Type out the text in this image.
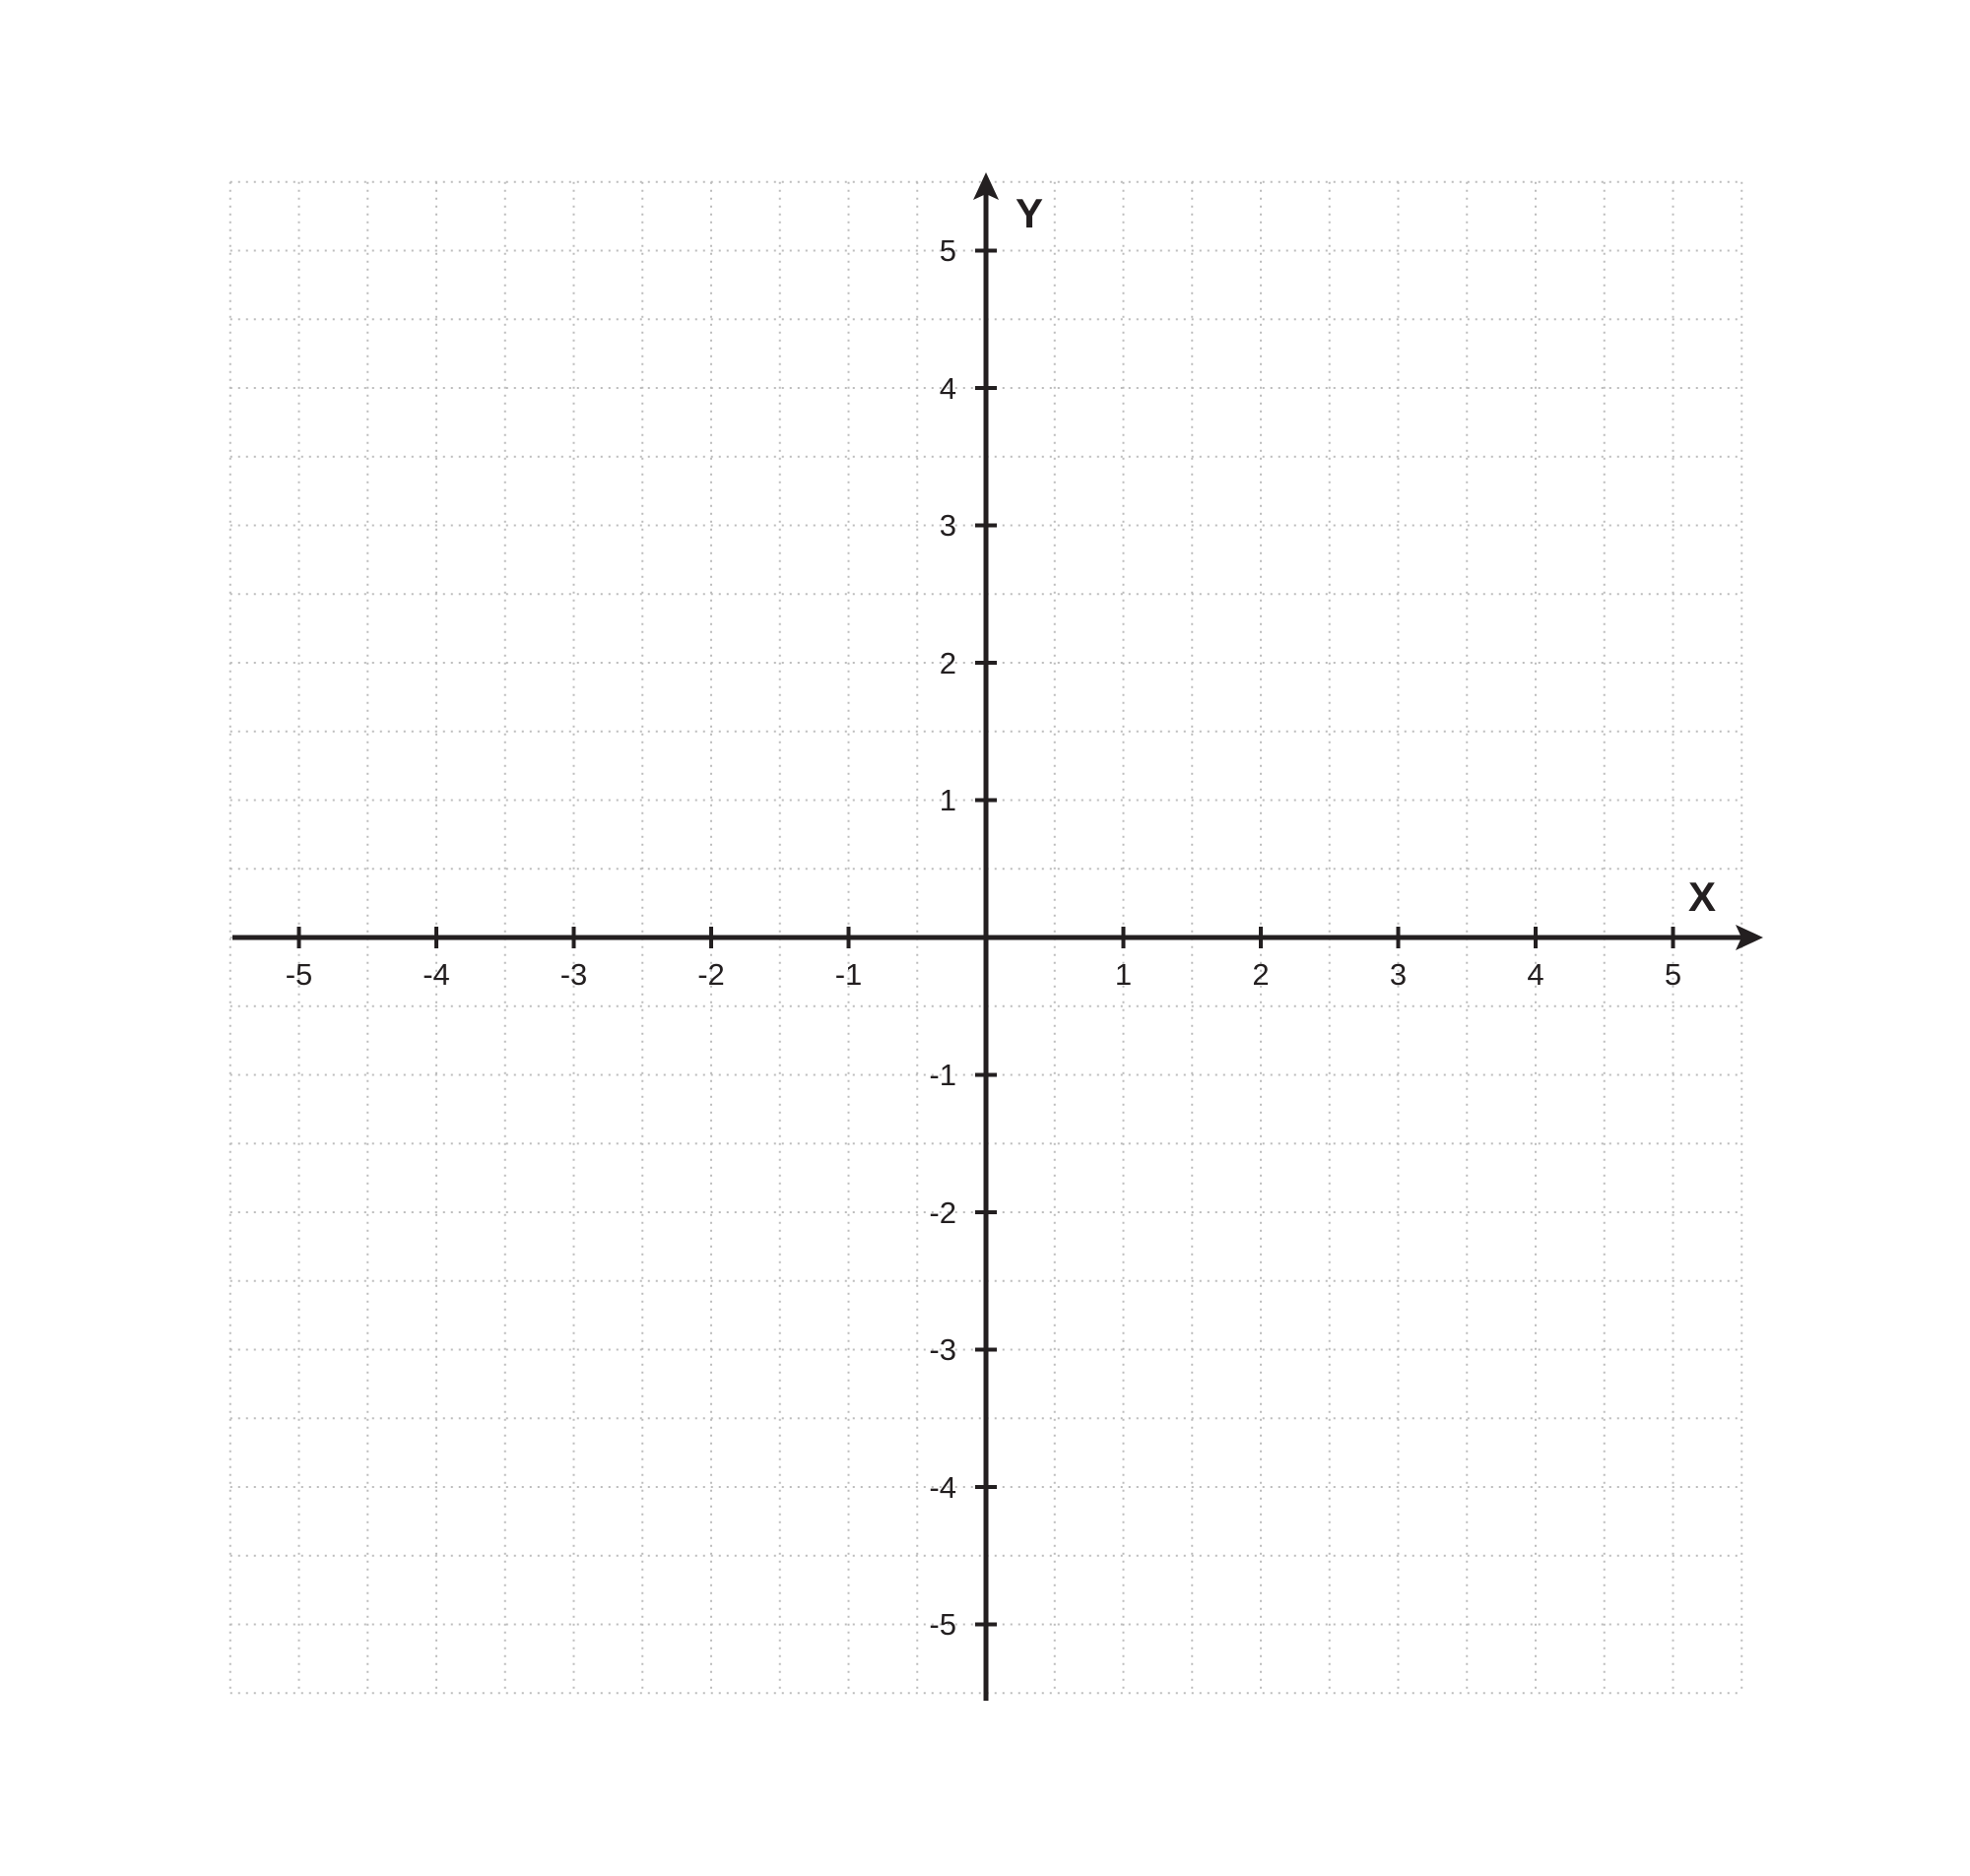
-5	-4	-3	-2	-1	1	2	3	4	5
5
4
3
2
1
-1
-2
-3
-4
-5
X
Y
